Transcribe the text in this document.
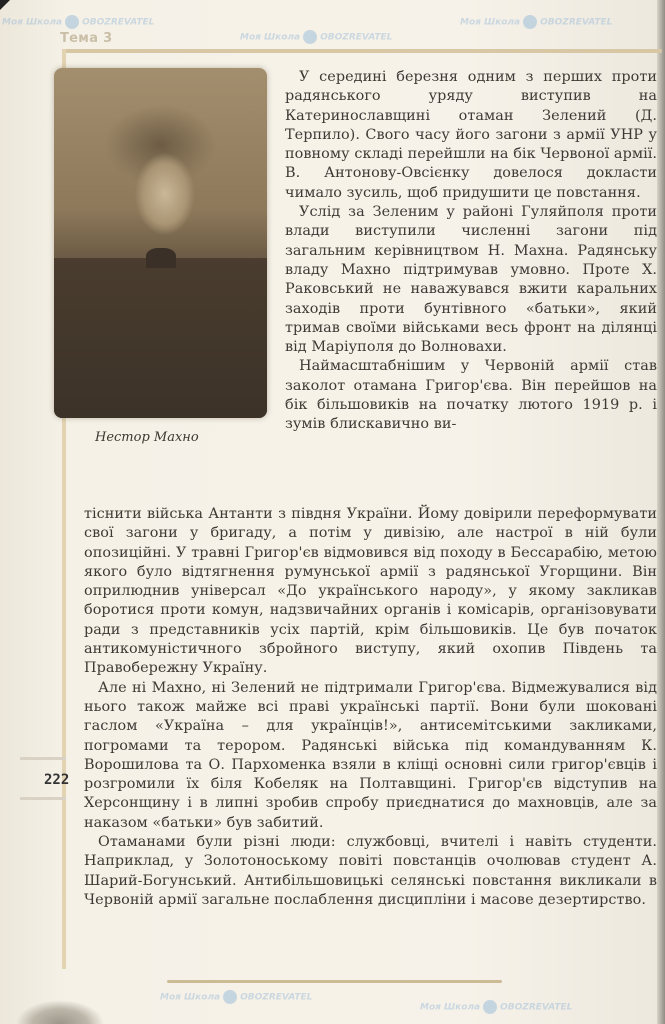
Тема 3
222
Нестор Махно

У середині березня одним з перших проти радянського уряду виступив на Катеринославщині отаман Зелений (Д. Терпило). Свого часу його загони з армії УНР у повному складі перейшли на бік Червоної армії. В. Антонову-Овсієнку довелося докласти чимало зусиль, щоб придушити це повстання.

Услід за Зеленим у районі Гуляйполя проти влади виступили численні загони під загальним керівництвом Н. Махна. Радянську владу Махно підтримував умовно. Проте Х. Раковський не наважувався вжити каральних заходів проти бунтівного «батьки», який тримав своїми військами весь фронт на ділянці від Маріуполя до Волновахи.

Наймасштабнішим у Червоній армії став заколот отамана Григор'єва. Він перейшов на бік більшовиків на початку лютого 1919 р. і зумів блискавично ви-

тіснити війська Антанти з півдня України. Йому довірили переформувати свої загони у бригаду, а потім у дивізію, але настрої в ній були опозиційні. У травні Григор'єв відмовився від походу в Бессарабію, метою якого було відтягнення румунської армії з радянської Угорщини. Він оприлюднив універсал «До українського народу», у якому закликав боротися проти комун, надзвичайних органів і комісарів, організовувати ради з представників усіх партій, крім більшовиків. Це був початок антикомуністичного збройного виступу, який охопив Південь та Правобережну Україну.

Але ні Махно, ні Зелений не підтримали Григор'єва. Відмежувалися від нього також майже всі праві українські партії. Вони були шоковані гаслом «Україна – для українців!», антисемітськими закликами, погромами та терором. Радянські війська під командуванням К. Ворошилова та О. Пархоменка взяли в кліщі основні сили григор'євців і розгромили їх біля Кобеляк на Полтавщині. Григор'єв відступив на Херсонщину і в липні зробив спробу приєднатися до махновців, але за наказом «батьки» був забитий.

Отаманами були різні люди: службовці, вчителі і навіть студенти. Наприклад, у Золотоноському повіті повстанців очолював студент А. Шарий-Богунський. Антибільшовицькі селянські повстання викликали в Червоній армії загальне послаблення дисципліни і масове дезертирство.

Моя Школа OBOZREVATEL	Моя Школа OBOZREVATEL
Моя Школа OBOZREVATEL
Моя Школа OBOZREVATEL
Моя Школа OBOZREVATEL
